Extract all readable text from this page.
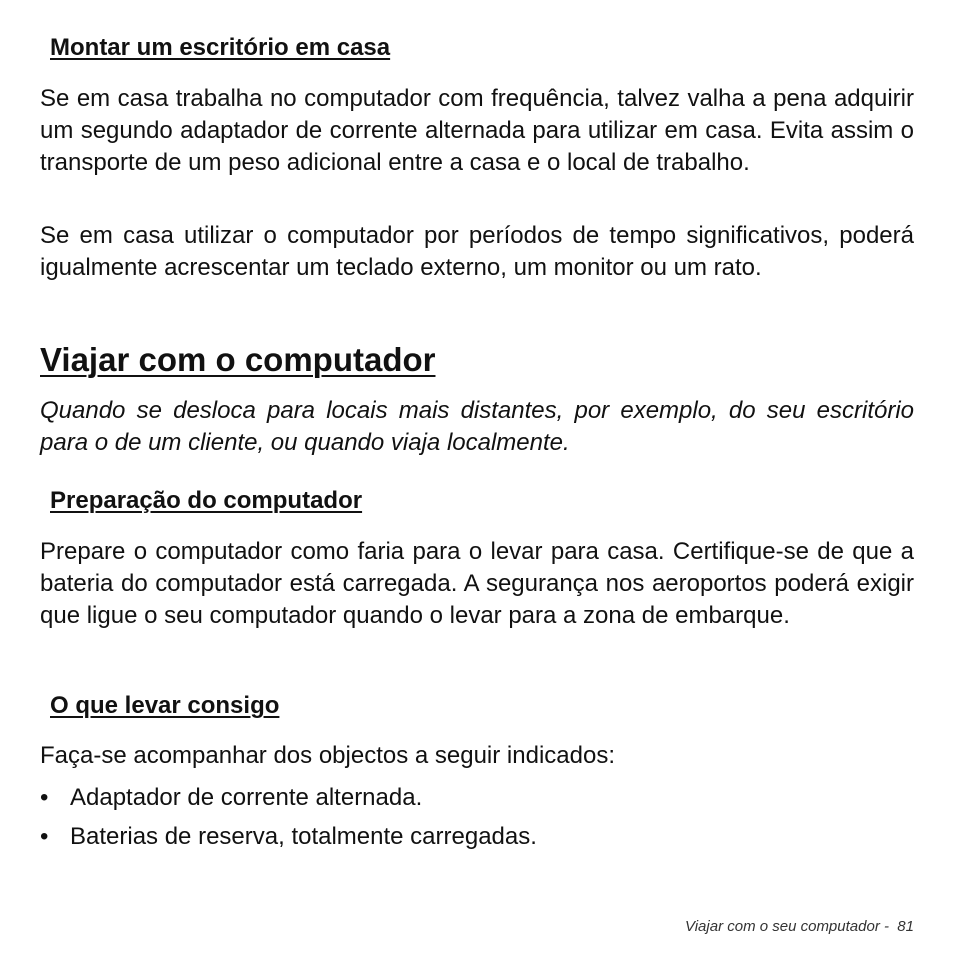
Montar um escritório em casa

Se em casa trabalha no computador com frequência, talvez valha a pena adquirir um segundo adaptador de corrente alternada para utilizar em casa. Evita assim o transporte de um peso adicional entre a casa e o local de trabalho.

Se em casa utilizar o computador por períodos de tempo significativos, poderá igualmente acrescentar um teclado externo, um monitor ou um rato.

Viajar com o computador

Quando se desloca para locais mais distantes, por exemplo, do seu escritório para o de um cliente, ou quando viaja localmente.

Preparação do computador

Prepare o computador como faria para o levar para casa. Certifique-se de que a bateria do computador está carregada. A segurança nos aeroportos poderá exigir que ligue o seu computador quando o levar para a zona de embarque.

O que levar consigo

Faça-se acompanhar dos objectos a seguir indicados:

• Adaptador de corrente alternada.
• Baterias de reserva, totalmente carregadas.
Viajar com o seu computador -  81
